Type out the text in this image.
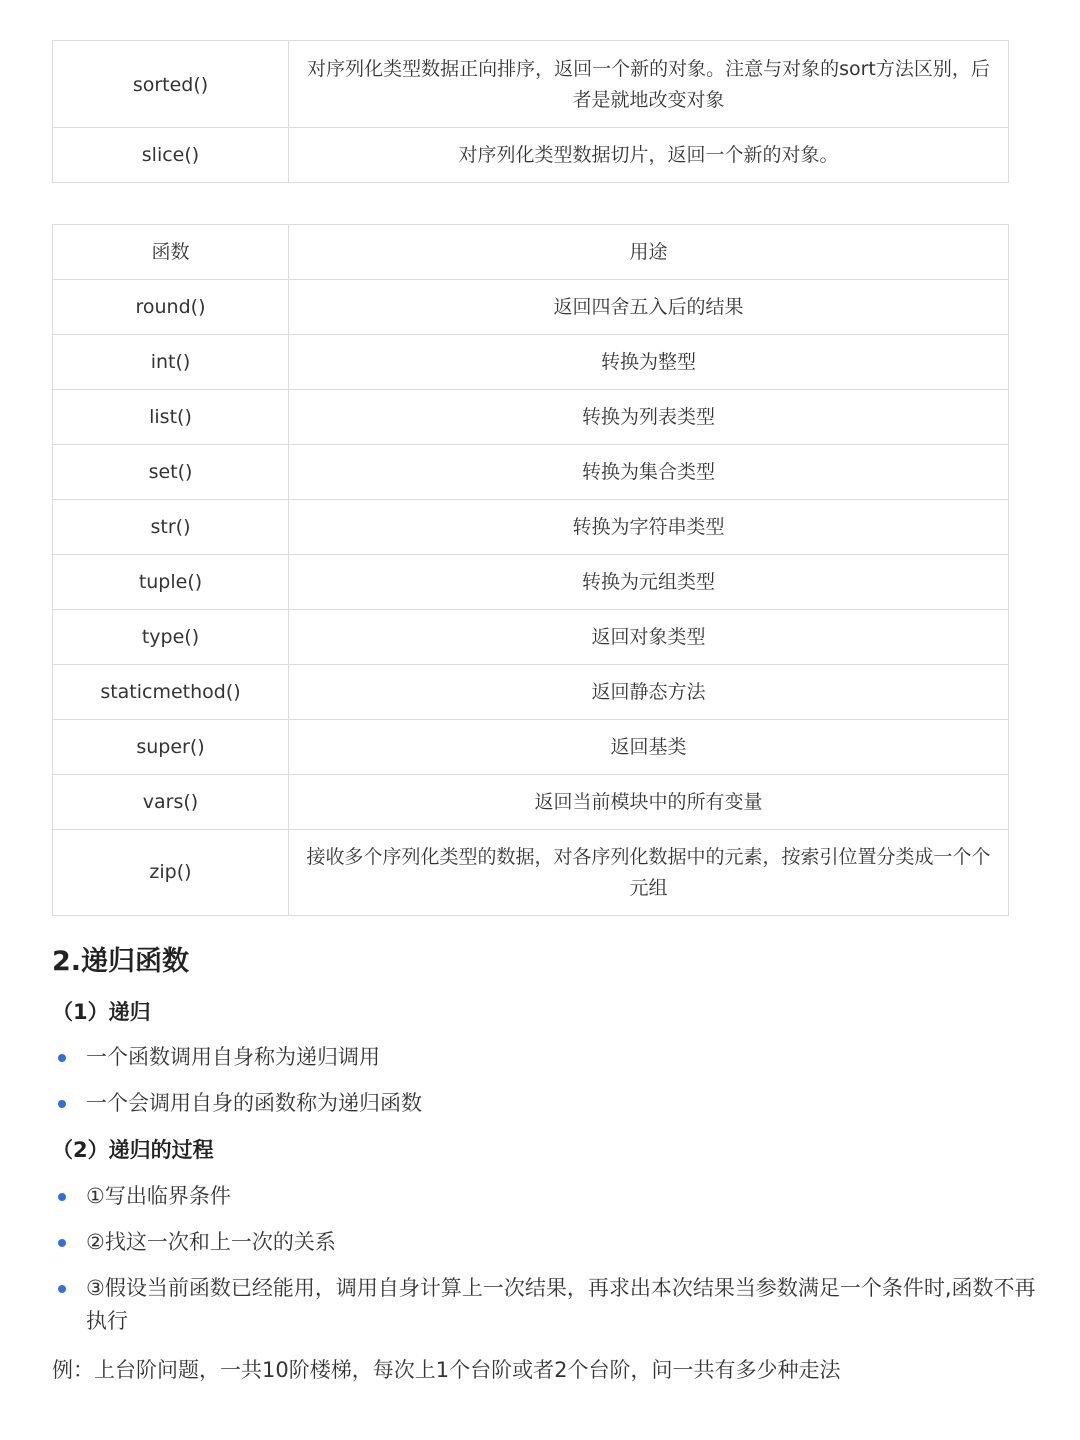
sorted()	对序列化类型数据正向排序，返回一个新的对象。注意与对象的sort方法区别，后者是就地改变对象
slice()	对序列化类型数据切片，返回一个新的对象。
函数	用途
round()	返回四舍五入后的结果
int()	转换为整型
list()	转换为列表类型
set()	转换为集合类型
str()	转换为字符串类型
tuple()	转换为元组类型
type()	返回对象类型
staticmethod()	返回静态方法
super()	返回基类
vars()	返回当前模块中的所有变量
zip()	接收多个序列化类型的数据，对各序列化数据中的元素，按索引位置分类成一个个元组
2.递归函数
（1）递归
一个函数调用自身称为递归调用
一个会调用自身的函数称为递归函数
（2）递归的过程
①写出临界条件
②找这一次和上一次的关系
③假设当前函数已经能用，调用自身计算上一次结果，再求出本次结果当参数满足一个条件时,函数不再执行

例：上台阶问题，一共10阶楼梯，每次上1个台阶或者2个台阶，问一共有多少种走法
